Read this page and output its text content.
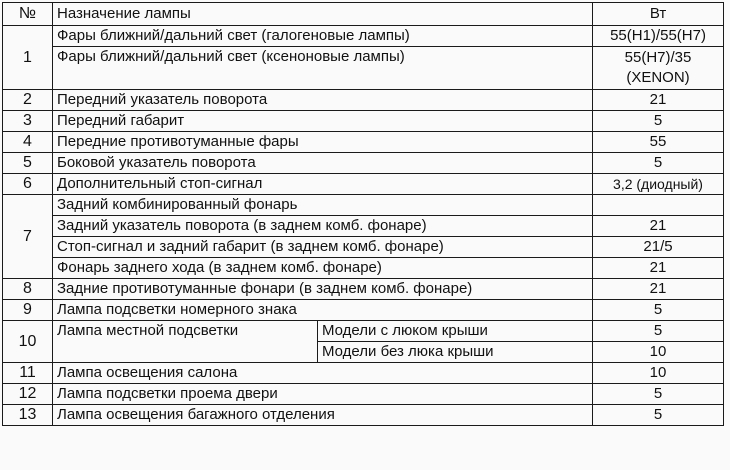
№	Назначение лампы		Вт
1	Фары ближний/дальний свет (галогеновые лампы)		55(H1)/55(H7)
	Фары ближний/дальний свет (ксеноновые лампы)		55(H7)/35
(XENON)

2	Передний указатель поворота		21
3	Передний габарит		5
4	Передние противотуманные фары		55
5	Боковой указатель поворота		5
6	Дополнительный стоп-сигнал		3,2 (диодный)
7	Задний комбинированный фонарь		
	Задний указатель поворота (в заднем комб. фонаре)		21
	Стоп-сигнал и задний габарит (в заднем комб. фонаре)		21/5
	Фонарь заднего хода (в заднем комб. фонаре)		21
8	Задние противотуманные фонари (в заднем комб. фонаре)		21
9	Лампа подсветки номерного знака		5
10	Лампа местной подсветки	Модели с люком крыши	5
		Модели без люка крыши	10
11	Лампа освещения салона		10
12	Лампа подсветки проема двери		5
13	Лампа освещения багажного отделения		5
